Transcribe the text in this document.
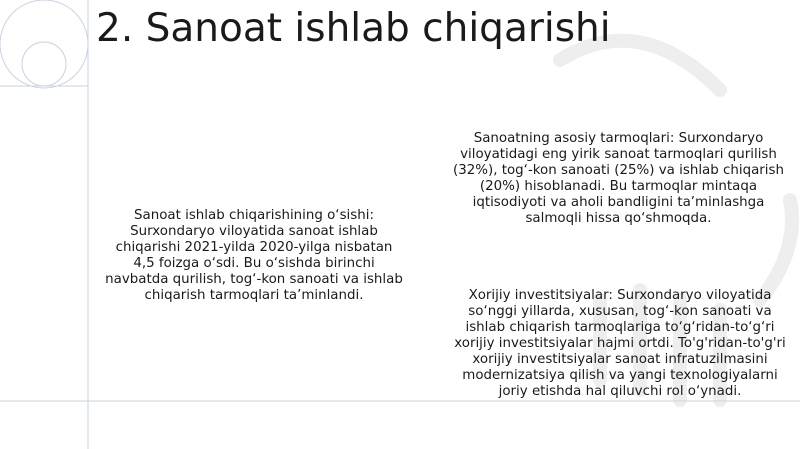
2. Sanoat ishlab chiqarishi
Sanoat ishlab chiqarishining o‘sishi: Surxondaryo viloyatida sanoat ishlab chiqarishi 2021-yilda 2020-yilga nisbatan 4,5 foizga o‘sdi. Bu o‘sishda birinchi navbatda qurilish, tog‘-kon sanoati va ishlab chiqarish tarmoqlari ta’minlandi.
Sanoatning asosiy tarmoqlari: Surxondaryo viloyatidagi eng yirik sanoat tarmoqlari qurilish (32%), tog‘-kon sanoati (25%) va ishlab chiqarish (20%) hisoblanadi. Bu tarmoqlar mintaqa iqtisodiyoti va aholi bandligini ta’minlashga salmoqli hissa qo‘shmoqda.
Xorijiy investitsiyalar: Surxondaryo viloyatida so‘nggi yillarda, xususan, tog‘-kon sanoati va ishlab chiqarish tarmoqlariga to‘g‘ridan-to‘g‘ri xorijiy investitsiyalar hajmi ortdi. To'g'ridan-to'g'ri xorijiy investitsiyalar sanoat infratuzilmasini modernizatsiya qilish va yangi texnologiyalarni joriy etishda hal qiluvchi rol o‘ynadi.
